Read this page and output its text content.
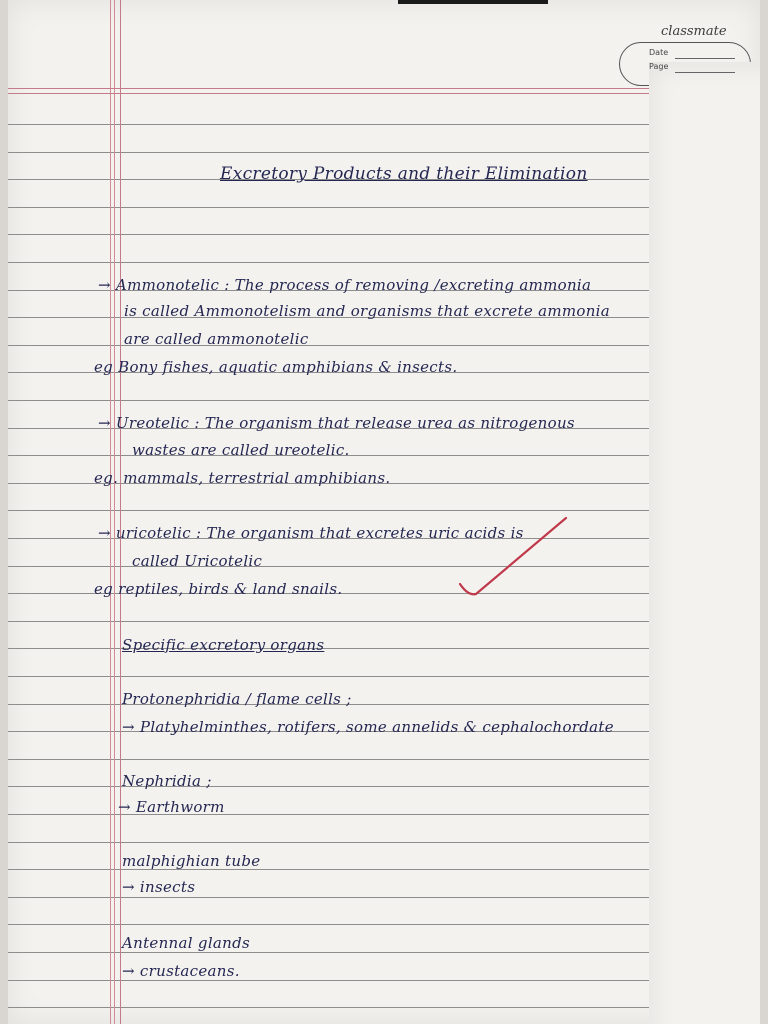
classmate
Date
Page
Excretory Products and their Elimination
→ Ammonotelic : The process of removing /excreting ammonia
is called Ammonotelism and organisms that excrete ammonia
are called ammonotelic
eg Bony fishes, aquatic amphibians & insects.
→ Ureotelic : The organism that release urea as nitrogenous
wastes are called ureotelic.
eg. mammals, terrestrial amphibians.
→ uricotelic : The organism that excretes uric acids is
called Uricotelic
eg reptiles, birds & land snails.
Specific excretory organs
Protonephridia / flame cells ;
→ Platyhelminthes, rotifers, some annelids & cephalochordate
Nephridia ;
→ Earthworm
malphighian tube
→ insects
Antennal glands
→ crustaceans.
